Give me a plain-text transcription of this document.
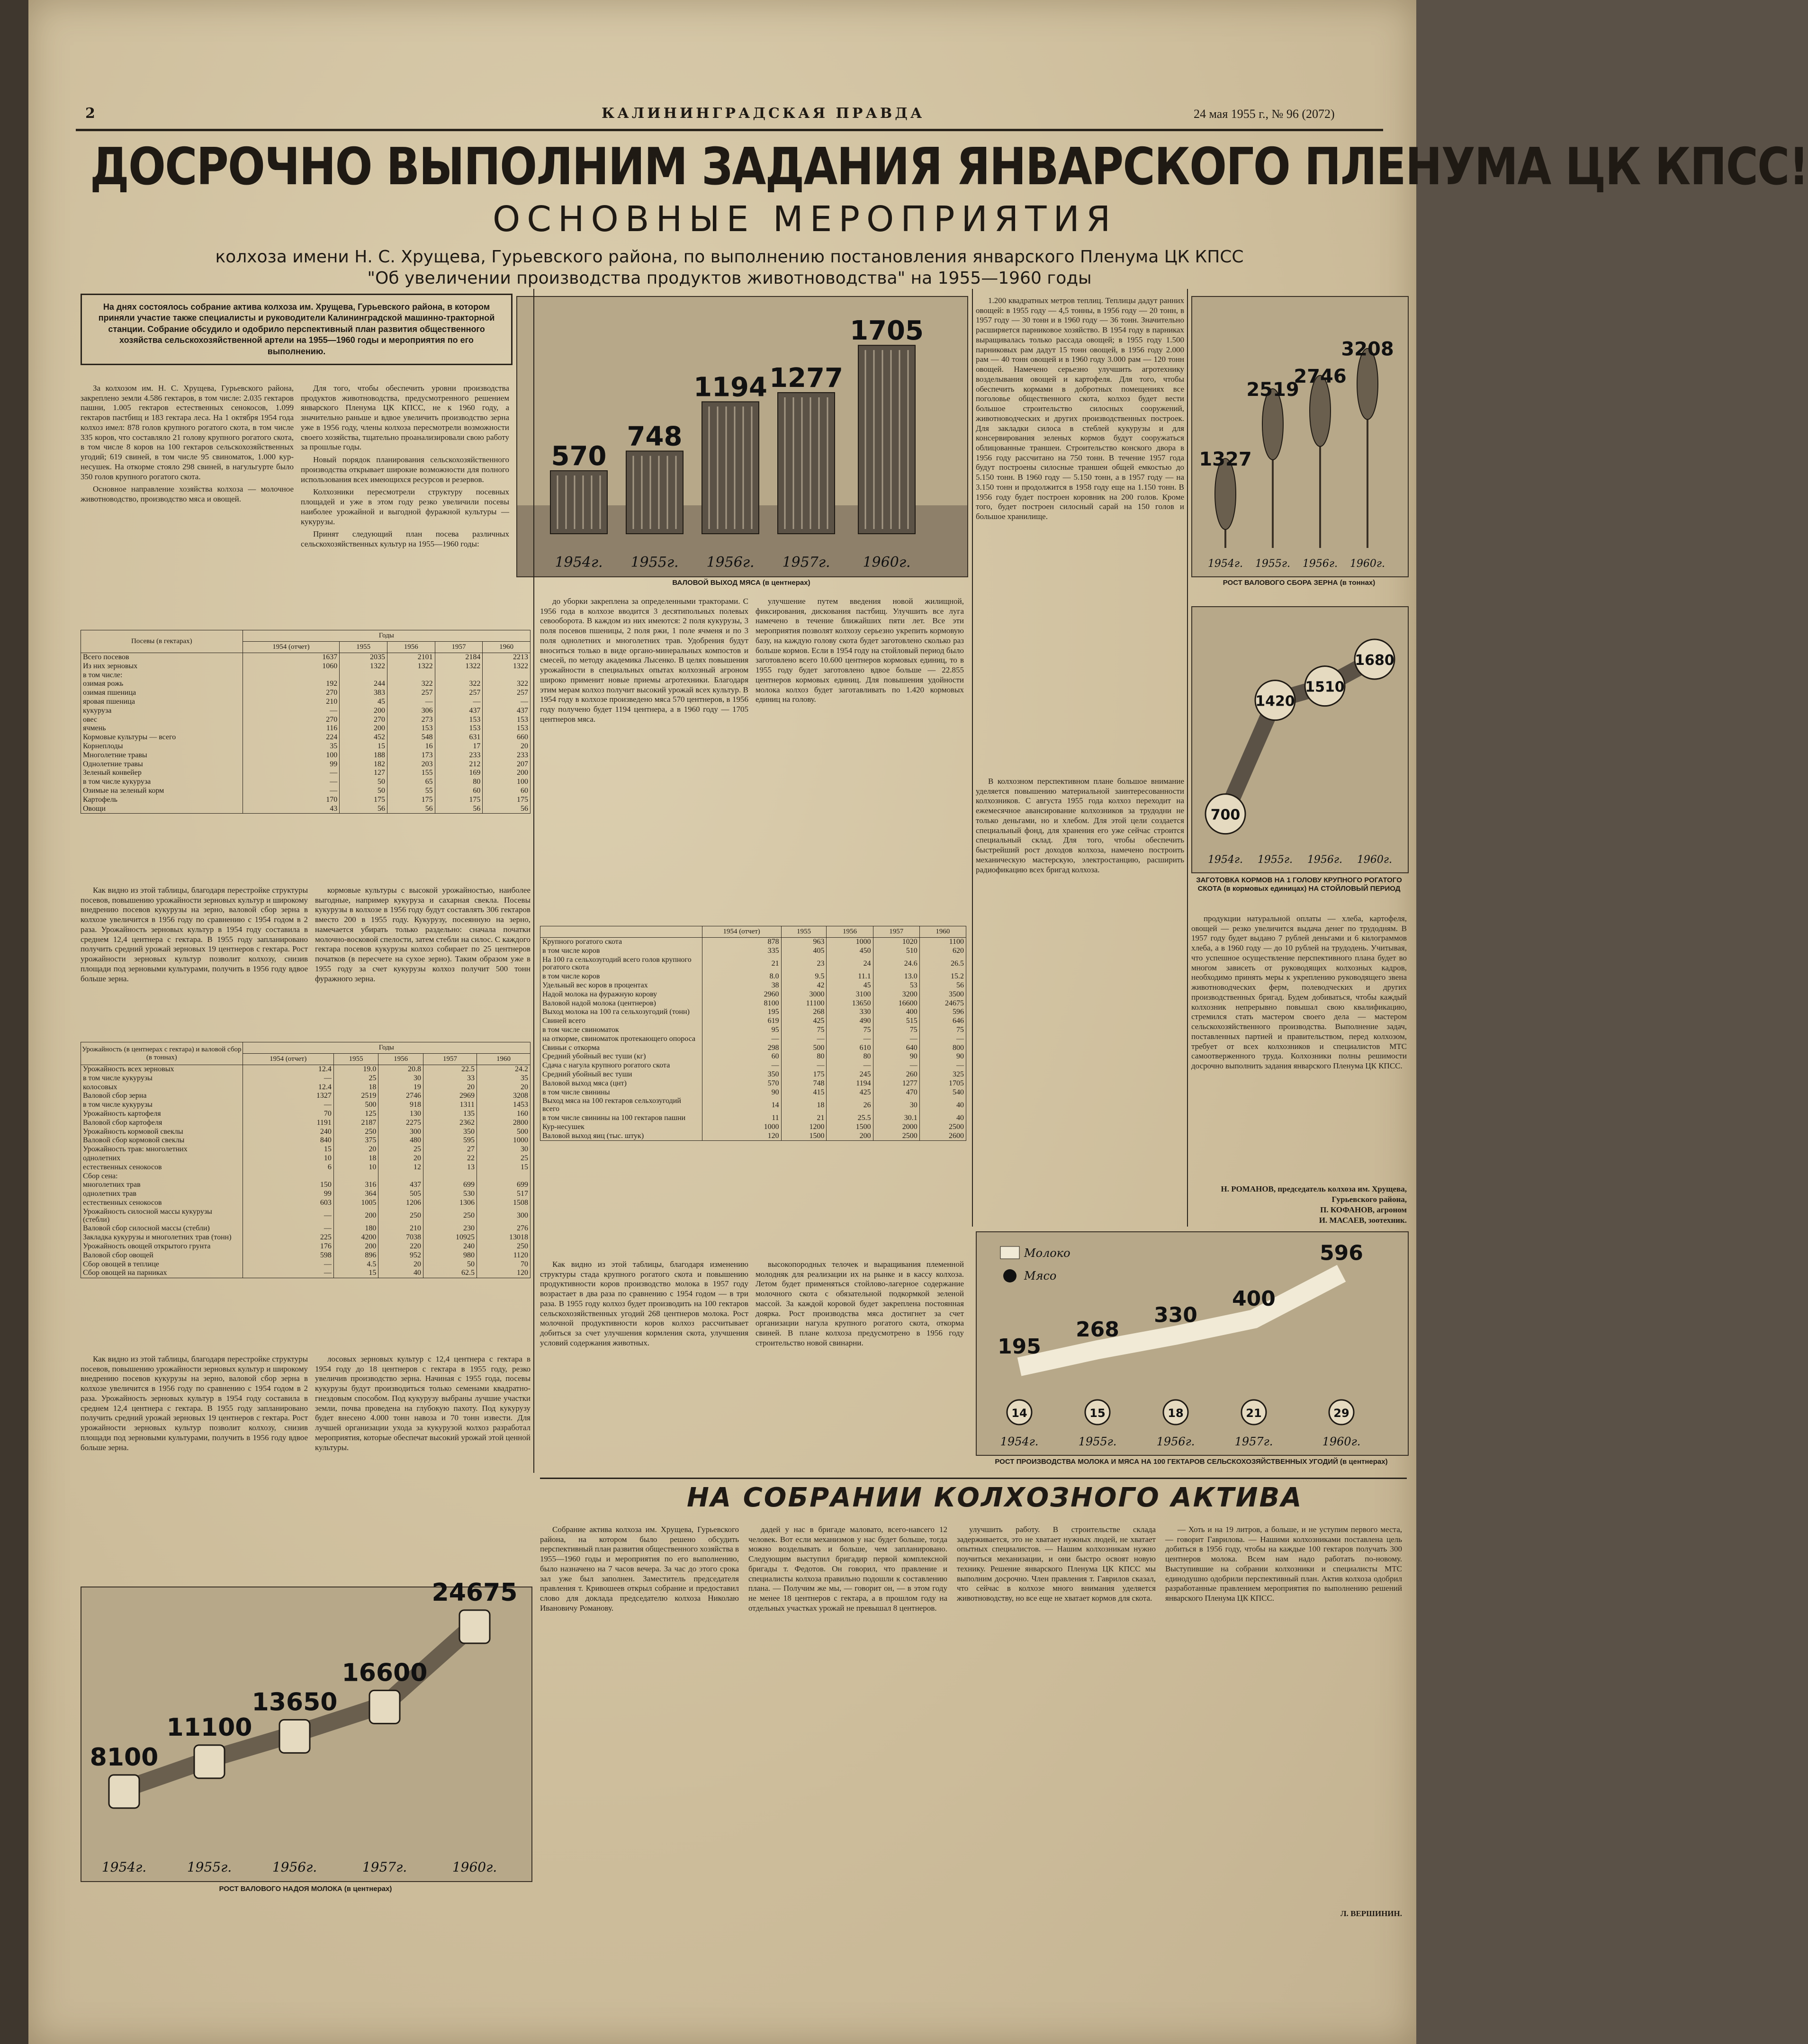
2	КАЛИНИНГРАДСКАЯ ПРАВДА	24 мая 1955 г., № 96 (2072)
ДОСРОЧНО ВЫПОЛНИМ ЗАДАНИЯ ЯНВАРСКОГО ПЛЕНУМА ЦК КПСС!
ОСНОВНЫЕ МЕРОПРИЯТИЯ
колхоза имени Н. С. Хрущева, Гурьевского района, по выполнению постановления январского Пленума ЦК КПСС
"Об увеличении производства продуктов животноводства" на 1955—1960 годы
На днях состоялось собрание актива колхоза им. Хрущева, Гурьевского района, в котором приняли участие также специалисты и руководители Калининградской машинно-тракторной станции. Собрание обсудило и одобрило перспективный план развития общественного хозяйства сельскохозяйственной артели на 1955—1960 годы и мероприятия по его выполнению.

За колхозом им. Н. С. Хрущева, Гурьевского района, закреплено земли 4.586 гектаров, в том числе: 2.035 гектаров пашни, 1.005 гектаров естественных сенокосов, 1.099 гектаров пастбищ и 183 гектара леса. На 1 октября 1954 года колхоз имел: 878 голов крупного рогатого скота, в том числе 335 коров, что составляло 21 голову крупного рогатого скота, в том числе 8 коров на 100 гектаров сельскохозяйственных угодий; 619 свиней, в том числе 95 свиноматок, 1.000 кур-несушек. На откорме стояло 298 свиней, в нагульгурте было 350 голов крупного рогатого скота.

Основное направление хозяйства колхоза — молочное животноводство, производство мяса и овощей.

Для того, чтобы обеспечить уровни производства продуктов животноводства, предусмотренного решением январского Пленума ЦК КПСС, не к 1960 году, а значительно раньше и вдвое увеличить производство зерна уже в 1956 году, члены колхоза пересмотрели возможности своего хозяйства, тщательно проанализировали свою работу за прошлые годы.

Новый порядок планирования сельскохозяйственного производства открывает широкие возможности для полного использования всех имеющихся ресурсов и резервов.

Колхозники пересмотрели структуру посевных площадей и уже в этом году резко увеличили посевы наиболее урожайной и выгодной фуражной культуры — кукурузы.

Принят следующий план посева различных сельскохозяйственных культур на 1955—1960 годы:

Посевы (в гектарах)	Годы				
	1954 (отчет)	1955	1956	1957	1960
Всего посевов	1637	2035	2101	2184	2213
Из них зерновых	1060	1322	1322	1322	1322
в том числе:					
озимая рожь	192	244	322	322	322
озимая пшеница	270	383	257	257	257
яровая пшеница	210	45	—	—	—
кукуруза	—	200	306	437	437
овес	270	270	273	153	153
ячмень	116	200	153	153	153
Кормовые культуры — всего	224	452	548	631	660
Корнеплоды	35	15	16	17	20
Многолетние травы	100	188	173	233	233
Однолетние травы	99	182	203	212	207
Зеленый конвейер	—	127	155	169	200
в том числе кукуруза	—	50	65	80	100
Озимые на зеленый корм	—	50	55	60	60
Картофель	170	175	175	175	175
Овощи	43	56	56	56	56

Как видно из этой таблицы, благодаря перестройке структуры посевов, повышению урожайности зерновых культур и широкому внедрению посевов кукурузы на зерно, валовой сбор зерна в колхозе увеличится в 1956 году по сравнению с 1954 годом в 2 раза. Урожайность зерновых культур в 1954 году составила в среднем 12,4 центнера с гектара. В 1955 году запланировано получить средний урожай зерновых 19 центнеров с гектара. Рост урожайности зерновых культур позволит колхозу, снизив площади под зерновыми культурами, получить в 1956 году вдвое больше зерна.

кормовые культуры с высокой урожайностью, наиболее выгодные, например кукуруза и сахарная свекла. Посевы кукурузы в колхозе в 1956 году будут составлять 306 гектаров вместо 200 в 1955 году. Кукурузу, посеянную на зерно, намечается убирать только раздельно: сначала початки молочно-восковой спелости, затем стебли на силос. С каждого гектара посевов кукурузы колхоз собирает по 25 центнеров початков (в пересчете на сухое зерно). Таким образом уже в 1955 году за счет кукурузы колхоз получит 500 тонн фуражного зерна.

Урожайность (в центнерах с гектара) и валовой сбор (в тоннах)	Годы				
	1954 (отчет)	1955	1956	1957	1960
Урожайность всех зерновых	12.4	19.0	20.8	22.5	24.2
в том числе кукурузы	—	25	30	33	35
колосовых	12.4	18	19	20	20
Валовой сбор зерна	1327	2519	2746	2969	3208
в том числе кукурузы	—	500	918	1311	1453
Урожайность картофеля	70	125	130	135	160
Валовой сбор картофеля	1191	2187	2275	2362	2800
Урожайность кормовой свеклы	240	250	300	350	500
Валовой сбор кормовой свеклы	840	375	480	595	1000
Урожайность трав: многолетних	15	20	25	27	30
однолетних	10	18	20	22	25
естественных сенокосов	6	10	12	13	15
Сбор сена:					
многолетних трав	150	316	437	699	699
однолетних трав	99	364	505	530	517
естественных сенокосов	603	1005	1206	1306	1508
Урожайность силосной массы кукурузы (стебли)	—	200	250	250	300
Валовой сбор силосной массы (стебли)	—	180	210	230	276
Закладка кукурузы и многолетних трав (тонн)	225	4200	7038	10925	13018
Урожайность овощей открытого грунта	176	200	220	240	250
Валовой сбор овощей	598	896	952	980	1120
Сбор овощей в теплице	—	4.5	20	50	70
Сбор овощей на парниках	—	15	40	62.5	120

Как видно из этой таблицы, благодаря перестройке структуры посевов, повышению урожайности зерновых культур и широкому внедрению посевов кукурузы на зерно, валовой сбор зерна в колхозе увеличится в 1956 году по сравнению с 1954 годом в 2 раза. Урожайность зерновых культур в 1954 году составила в среднем 12,4 центнера с гектара. В 1955 году запланировано получить средний урожай зерновых 19 центнеров с гектара. Рост урожайности зерновых культур позволит колхозу, снизив площади под зерновыми культурами, получить в 1956 году вдвое больше зерна.

лосовых зерновых культур с 12,4 центнера с гектара в 1954 году до 18 центнеров с гектара в 1955 году, резко увеличив производство зерна. Начиная с 1955 года, посевы кукурузы будут производиться только семенами квадратно-гнездовым способом. Под кукурузу выбраны лучшие участки земли, почва проведена на глубокую пахоту. Под кукурузу будет внесено 4.000 тонн навоза и 70 тонн извести. Для лучшей организации ухода за кукурузой колхоз разработал мероприятия, которые обеспечат высокий урожай этой ценной культуры.

570
1954г.
748
1955г.
1194
1956г.
1277
1957г.
1705
1960г.
ВАЛОВОЙ ВЫХОД МЯСА (в центнерах)

до уборки закреплена за определенными тракторами. С 1956 года в колхозе вводится 3 десятипольных полевых севооборота. В каждом из них имеются: 2 поля кукурузы, 3 поля посевов пшеницы, 2 поля ржи, 1 поле ячменя и по 3 поля однолетних и многолетних трав. Удобрения будут вноситься только в виде органо-минеральных компостов и смесей, по методу академика Лысенко. В целях повышения урожайности в специальных опытах колхозный агроном широко применит новые приемы агротехники. Благодаря этим мерам колхоз получит высокий урожай всех культур. В 1954 году в колхозе произведено мяса 570 центнеров, в 1956 году получено будет 1194 центнера, а в 1960 году — 1705 центнеров мяса.

улучшение путем введения новой жилищной, фиксирования, дискования пастбищ. Улучшить все луга намечено в течение ближайших пяти лет. Все эти мероприятия позволят колхозу серьезно укрепить кормовую базу, на каждую голову скота будет заготовлено сколько раз больше кормов. Если в 1954 году на стойловый период было заготовлено всего 10.600 центнеров кормовых единиц, то в 1955 году будет заготовлено вдвое больше — 22.855 центнеров кормовых единиц. Для повышения удойности молока колхоз будет заготавливать по 1.420 кормовых единиц на голову.

	1954 (отчет)	1955	1956	1957	1960
Крупного рогатого скота	878	963	1000	1020	1100
в том числе коров	335	405	450	510	620
На 100 га сельхозугодий всего голов крупного рогатого скота	21	23	24	24.6	26.5
в том числе коров	8.0	9.5	11.1	13.0	15.2
Удельный вес коров в процентах	38	42	45	53	56
Надой молока на фуражную корову	2960	3000	3100	3200	3500
Валовой надой молока (центнеров)	8100	11100	13650	16600	24675
Выход молока на 100 га сельхозугодий (тонн)	195	268	330	400	596
Свиней всего	619	425	490	515	646
в том числе свиноматок	95	75	75	75	75
на откорме, свиноматок протекающего опороса	—	—	—	—	—
Свиньи с откорма	298	500	610	640	800
Средний убойный вес туши (кг)	60	80	80	90	90
Сдача с нагула крупного рогатого скота	—	—	—	—	—
Средний убойный вес туши	350	175	245	260	325
Валовой выход мяса (цнт)	570	748	1194	1277	1705
в том числе свинины	90	415	425	470	540
Выход мяса на 100 гектаров сельхозугодий всего	14	18	26	30	40
в том числе свинины на 100 гектаров пашни	11	21	25.5	30.1	40
Кур-несушек	1000	1200	1500	2000	2500
Валовой выход яиц (тыс. штук)	120	1500	200	2500	2600

Как видно из этой таблицы, благодаря изменению структуры стада крупного рогатого скота и повышению продуктивности коров производство молока в 1957 году возрастает в два раза по сравнению с 1954 годом — в три раза. В 1955 году колхоз будет производить на 100 гектаров сельскохозяйственных угодий 268 центнеров молока. Рост молочной продуктивности коров колхоз рассчитывает добиться за счет улучшения кормления скота, улучшения условий содержания животных.

высокопородных телочек и выращивания племенной молодняк для реализации их на рынке и в кассу колхоза. Летом будет применяться стойлово-лагерное содержание молочного скота с обязательной подкормкой зеленой массой. За каждой коровой будет закреплена постоянная доярка. Рост производства мяса достигнет за счет организации нагула крупного рогатого скота, откорма свиней. В плане колхоза предусмотрено в 1956 году строительство новой свинарни.

1.200 квадратных метров теплиц. Теплицы дадут ранних овощей: в 1955 году — 4,5 тонны, в 1956 году — 20 тонн, в 1957 году — 30 тонн и в 1960 году — 36 тонн. Значительно расширяется парниковое хозяйство. В 1954 году в парниках выращивалась только рассада овощей; в 1955 году 1.500 парниковых рам дадут 15 тонн овощей, в 1956 году 2.000 рам — 40 тонн овощей и в 1960 году 3.000 рам — 120 тонн овощей. Намечено серьезно улучшить агротехнику возделывания овощей и картофеля. Для того, чтобы обеспечить кормами в добротных помещениях все поголовье общественного скота, колхоз будет вести большое строительство силосных сооружений, животноводческих и других производственных построек. Для закладки силоса в стеблей кукурузы и для консервирования зеленых кормов будут сооружаться облицованные траншеи. Строительство конского двора в 1956 году рассчитано на 750 тонн. В течение 1957 года будут построены силосные траншеи общей емкостью до 5.150 тонн. В 1960 году — 5.150 тонн, а в 1957 году — на 3.150 тонн и продолжится в 1958 году еще на 1.150 тонн. В 1956 году будет построен коровник на 200 голов. Кроме того, будет построен силосный сарай на 150 голов и большое хранилище.

В колхозном перспективном плане большое внимание уделяется повышению материальной заинтересованности колхозников. С августа 1955 года колхоз переходит на ежемесячное авансирование колхозников за трудодни не только деньгами, но и хлебом. Для этой цели создается специальный фонд, для хранения его уже сейчас строится специальный склад. Для того, чтобы обеспечить быстрейший рост доходов колхоза, намечено построить механическую мастерскую, электростанцию, расширить радиофикацию всех бригад колхоза.

1327
1954г.
2519
1955г.
2746
1956г.
3208
1960г.
РОСТ ВАЛОВОГО СБОРА ЗЕРНА (в тоннах)
700
1420
1510
1680
1954г. 1955г. 1956г. 1960г.
ЗАГОТОВКА КОРМОВ НА 1 ГОЛОВУ КРУПНОГО РОГАТОГО СКОТА (в кормовых единицах) НА СТОЙЛОВЫЙ ПЕРИОД

продукции натуральной оплаты — хлеба, картофеля, овощей — резко увеличится выдача денег по трудодням. В 1957 году будет выдано 7 рублей деньгами и 6 килограммов хлеба, а в 1960 году — до 10 рублей на трудодень. Учитывая, что успешное осуществление перспективного плана будет во многом зависеть от руководящих колхозных кадров, необходимо принять меры к укреплению руководящего звена животноводческих ферм, полеводческих и других производственных бригад. Будем добиваться, чтобы каждый колхозник непрерывно повышал свою квалификацию, стремился стать мастером своего дела — мастером сельскохозяйственного производства. Выполнение задач, поставленных партией и правительством, перед колхозом, требует от всех колхозников и специалистов МТС самоотверженного труда. Колхозники полны решимости досрочно выполнить задания январского Пленума ЦК КПСС.

Н. РОМАНОВ, председатель колхоза им. Хрущева, Гурьевского района,
П. КОФАНОВ, агроном
И. МАСАЕВ, зоотехник.
Молоко
Мясо
195
268
330
400
596
14	15	18	21	29
1954г.	1955г.	1956г.	1957г.	1960г.
РОСТ ПРОИЗВОДСТВА МОЛОКА И МЯСА НА 100 ГЕКТАРОВ СЕЛЬСКОХОЗЯЙСТВЕННЫХ УГОДИЙ (в центнерах)
НА СОБРАНИИ КОЛХОЗНОГО АКТИВА

Собрание актива колхоза им. Хрущева, Гурьевского района, на котором было решено обсудить перспективный план развития общественного хозяйства в 1955—1960 годы и мероприятия по его выполнению, было назначено на 7 часов вечера. За час до этого срока зал уже был заполнен. Заместитель председателя правления т. Кривошеев открыл собрание и предоставил слово для доклада председателю колхоза Николаю Ивановичу Романову.

дадей у нас в бригаде маловато, всего-навсего 12 человек. Вот если механизмов у нас будет больше, тогда можно возделывать и больше, чем запланировано. Следующим выступил бригадир первой комплексной бригады т. Федотов. Он говорил, что правление и специалисты колхоза правильно подошли к составлению плана. — Получим же мы, — говорит он, — в этом году не менее 18 центнеров с гектара, а в прошлом году на отдельных участках урожай не превышал 8 центнеров.

улучшить работу. В строительстве склада задерживается, это не хватает нужных людей, не хватает опытных специалистов. — Нашим колхозникам нужно поучиться механизации, и они быстро освоят новую технику. Решение январского Пленума ЦК КПСС мы выполним досрочно. Член правления т. Гаврилов сказал, что сейчас в колхозе много внимания уделяется животноводству, но все еще не хватает кормов для скота.

— Хоть и на 19 литров, а больше, и не уступим первого места, — говорит Гаврилова. — Нашими колхозниками поставлена цель добиться в 1956 году, чтобы на каждые 100 гектаров получать 300 центнеров молока. Всем нам надо работать по-новому. Выступившие на собрании колхозники и специалисты МТС единодушно одобрили перспективный план. Актив колхоза одобрил разработанные правлением мероприятия по выполнению решений январского Пленума ЦК КПСС.

Л. ВЕРШИНИН.
8100
11100
13650
16600
24675
1954г.	1955г.	1956г.	1957г.	1960г.
РОСТ ВАЛОВОГО НАДОЯ МОЛОКА (в центнерах)
